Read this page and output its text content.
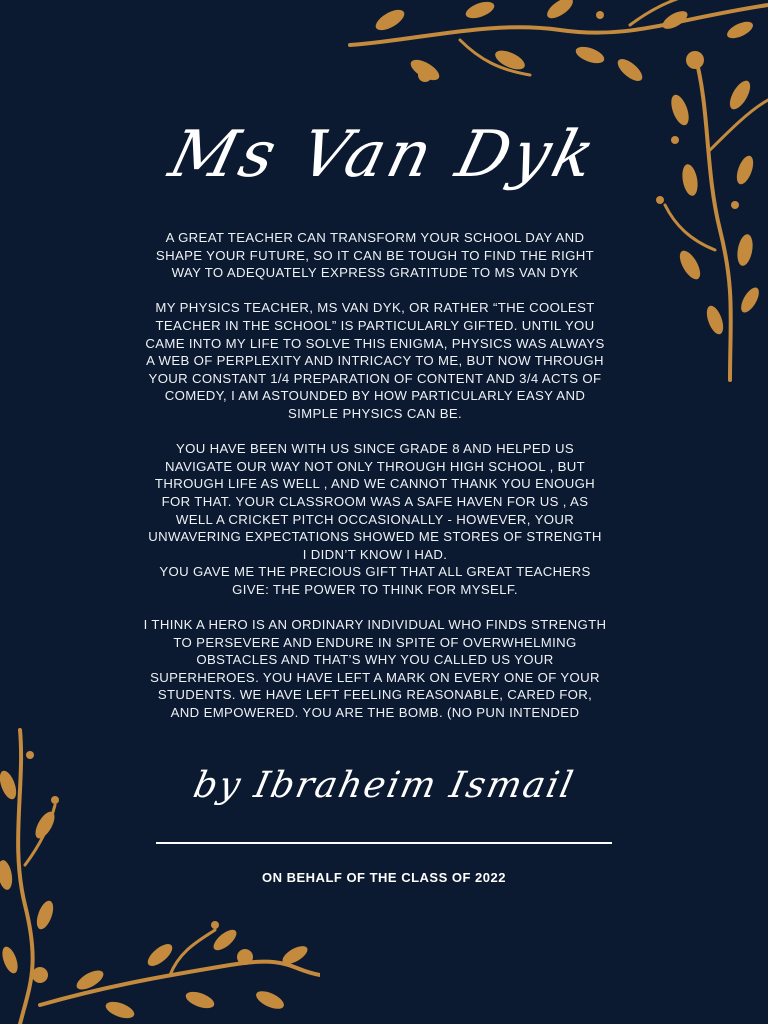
Ms Van Dyk

A GREAT TEACHER CAN TRANSFORM YOUR SCHOOL DAY AND
SHAPE YOUR FUTURE, SO IT CAN BE TOUGH TO FIND THE RIGHT
WAY TO ADEQUATELY EXPRESS GRATITUDE TO MS VAN DYK

MY PHYSICS TEACHER, MS VAN DYK, OR RATHER “THE COOLEST
TEACHER IN THE SCHOOL” IS PARTICULARLY GIFTED. UNTIL YOU
CAME INTO MY LIFE TO SOLVE THIS ENIGMA, PHYSICS WAS ALWAYS
A WEB OF PERPLEXITY AND INTRICACY TO ME, BUT NOW THROUGH
YOUR CONSTANT 1/4 PREPARATION OF CONTENT AND 3/4 ACTS OF
COMEDY, I AM ASTOUNDED BY HOW PARTICULARLY EASY AND
SIMPLE PHYSICS CAN BE.

YOU HAVE BEEN WITH US SINCE GRADE 8 AND HELPED US
NAVIGATE OUR WAY NOT ONLY THROUGH HIGH SCHOOL , BUT
THROUGH LIFE AS WELL , AND WE CANNOT THANK YOU ENOUGH
FOR THAT. YOUR CLASSROOM WAS A SAFE HAVEN FOR US , AS
WELL A CRICKET PITCH OCCASIONALLY - HOWEVER, YOUR
UNWAVERING EXPECTATIONS SHOWED ME STORES OF STRENGTH
I DIDN’T KNOW I HAD.
YOU GAVE ME THE PRECIOUS GIFT THAT ALL GREAT TEACHERS
GIVE: THE POWER TO THINK FOR MYSELF.

I THINK A HERO IS AN ORDINARY INDIVIDUAL WHO FINDS STRENGTH
TO PERSEVERE AND ENDURE IN SPITE OF OVERWHELMING
OBSTACLES AND THAT’S WHY YOU CALLED US YOUR
SUPERHEROES. YOU HAVE LEFT A MARK ON EVERY ONE OF YOUR
STUDENTS. WE HAVE LEFT FEELING REASONABLE, CARED FOR,
AND EMPOWERED. YOU ARE THE BOMB. (NO PUN INTENDED

by Ibraheim Ismail
ON BEHALF OF THE CLASS OF 2022
